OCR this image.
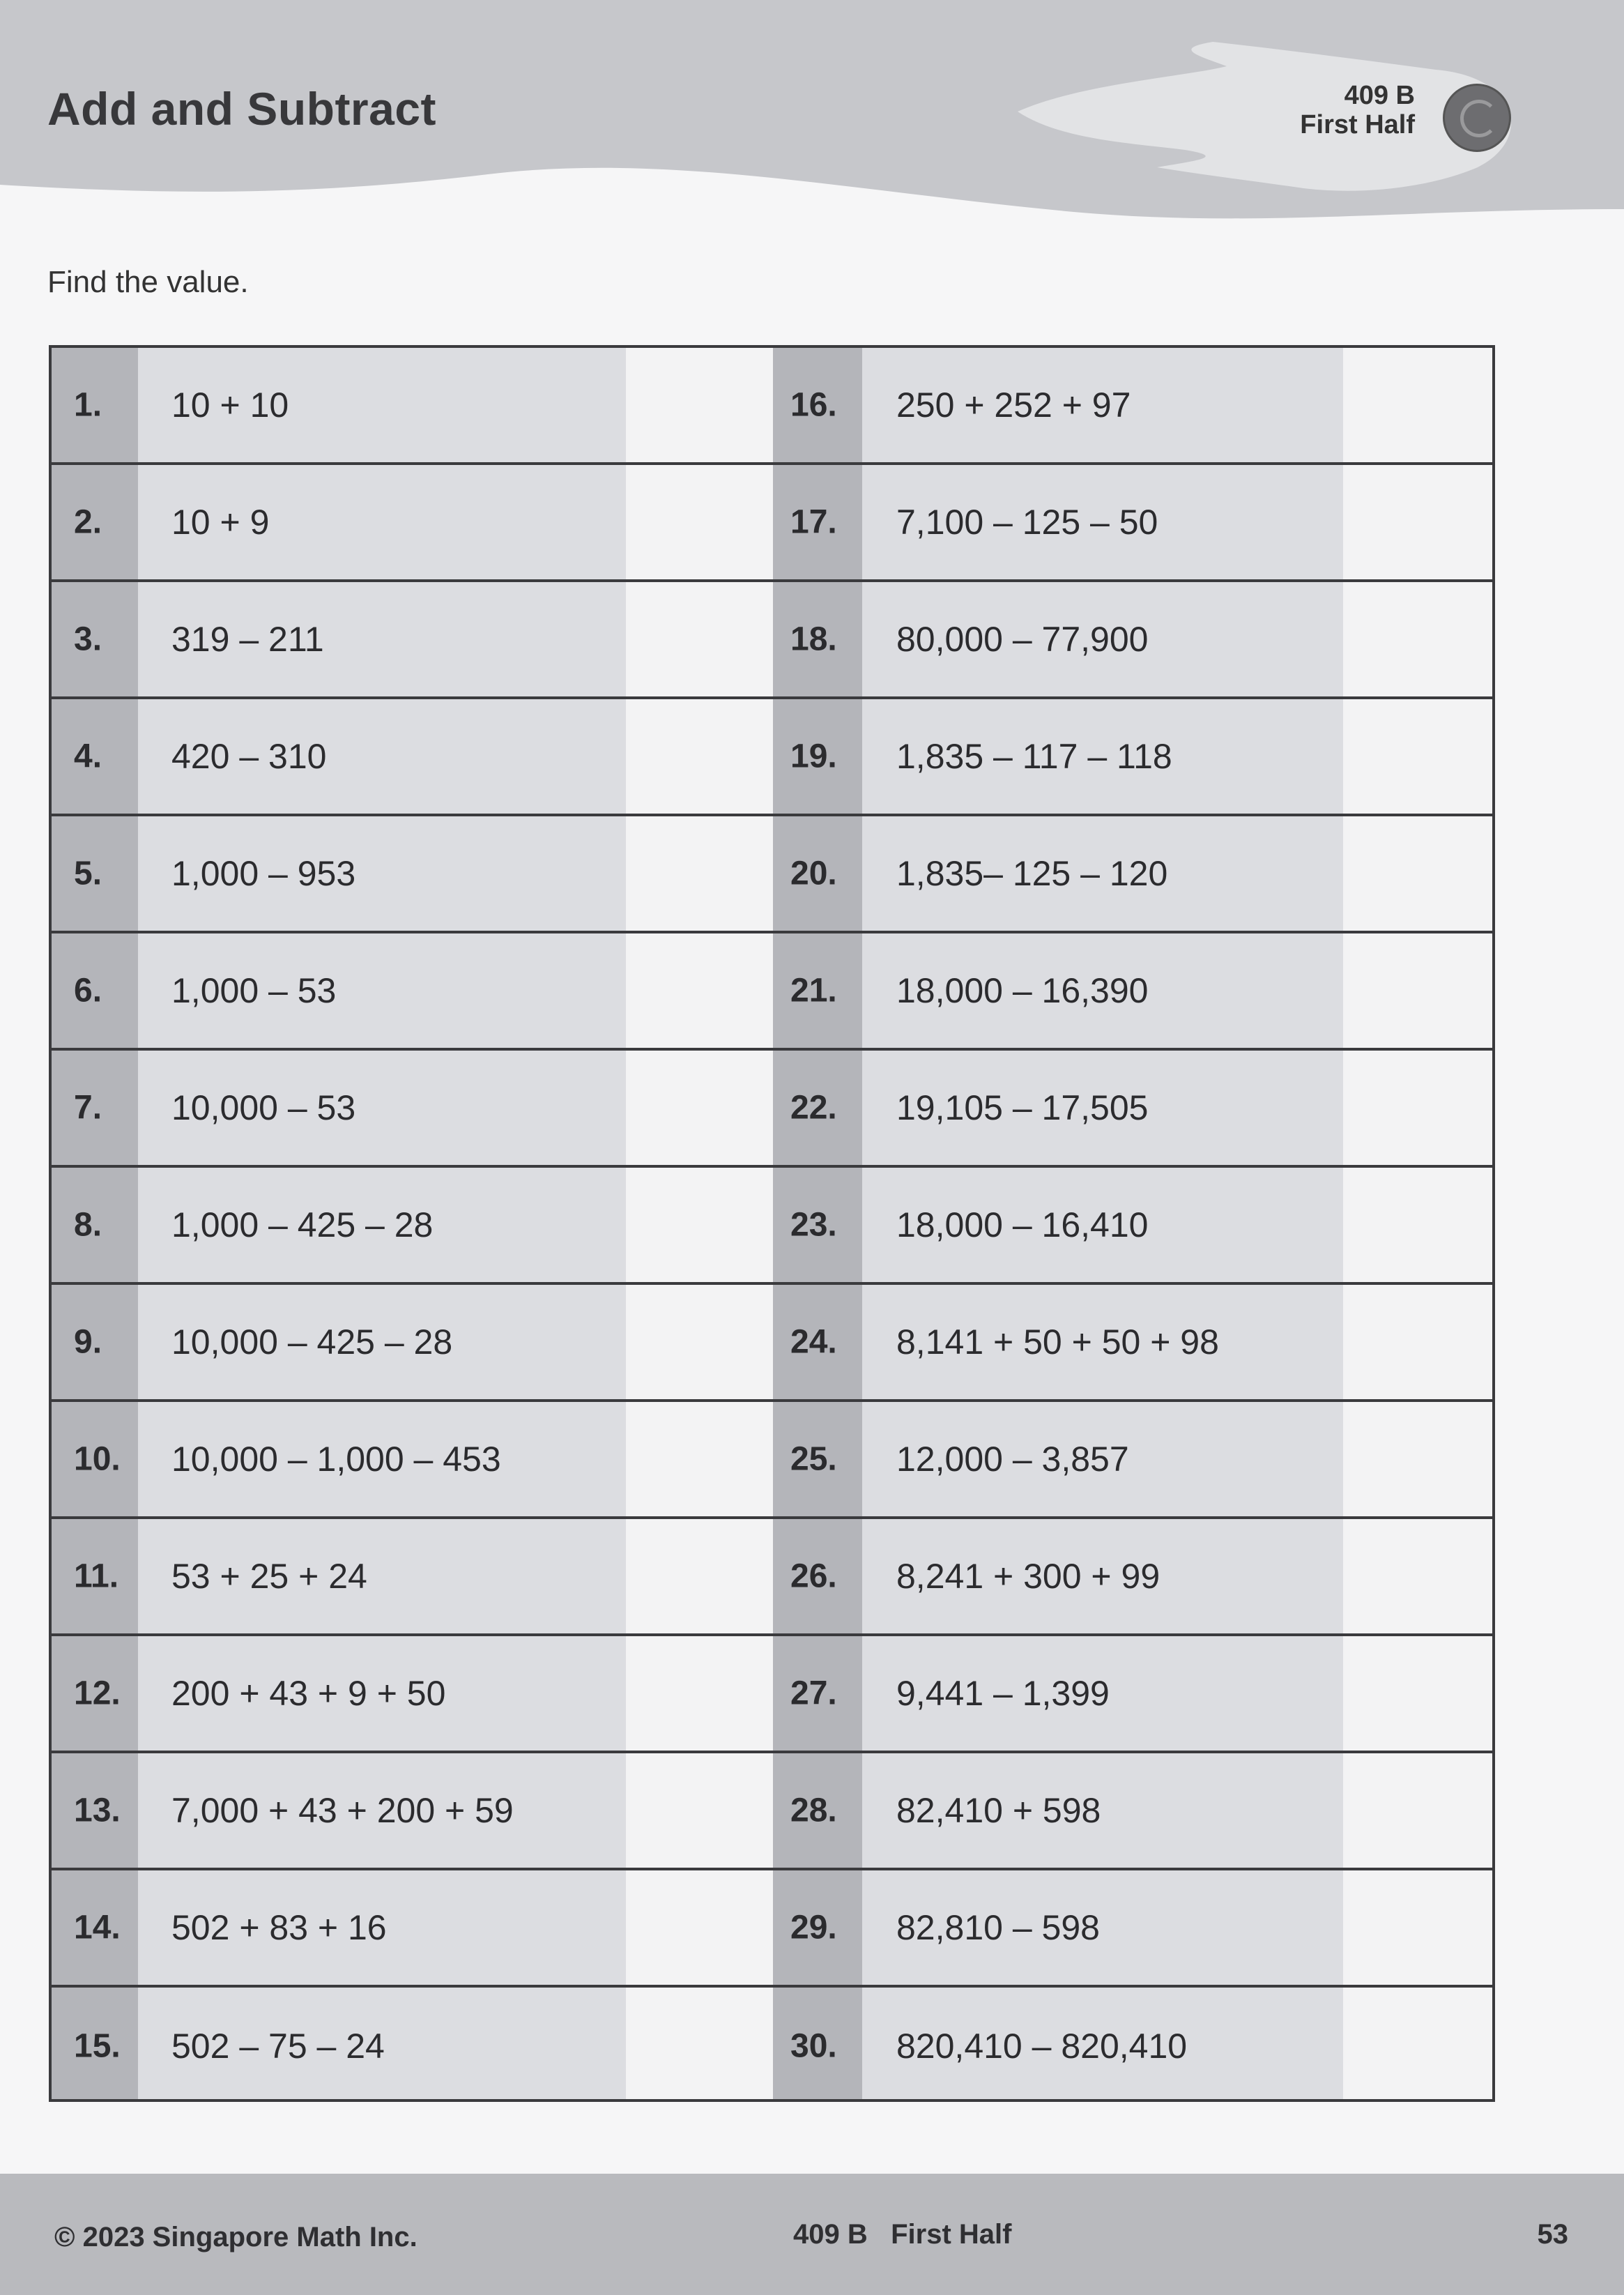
Add and Subtract	409 B
First Half
Find the value.
1. 10 + 10	16. 250 + 252 + 97
2. 10 + 9	17. 7,100 – 125 – 50
3. 319 – 211	18. 80,000 – 77,900
4. 420 – 310	19. 1,835 – 117 – 118
5. 1,000 – 953	20. 1,835– 125 – 120
6. 1,000 – 53	21. 18,000 – 16,390
7. 10,000 – 53	22. 19,105 – 17,505
8. 1,000 – 425 – 28	23. 18,000 – 16,410
9. 10,000 – 425 – 28	24. 8,141 + 50 + 50 + 98
10. 10,000 – 1,000 – 453	25. 12,000 – 3,857
11. 53 + 25 + 24	26. 8,241 + 300 + 99
12. 200 + 43 + 9 + 50	27. 9,441 – 1,399
13. 7,000 + 43 + 200 + 59	28. 82,410 + 598
14. 502 + 83 + 16	29. 82,810 – 598
15. 502 – 75 – 24	30. 820,410 – 820,410
© 2023 Singapore Math Inc.	409 B   First Half	53
